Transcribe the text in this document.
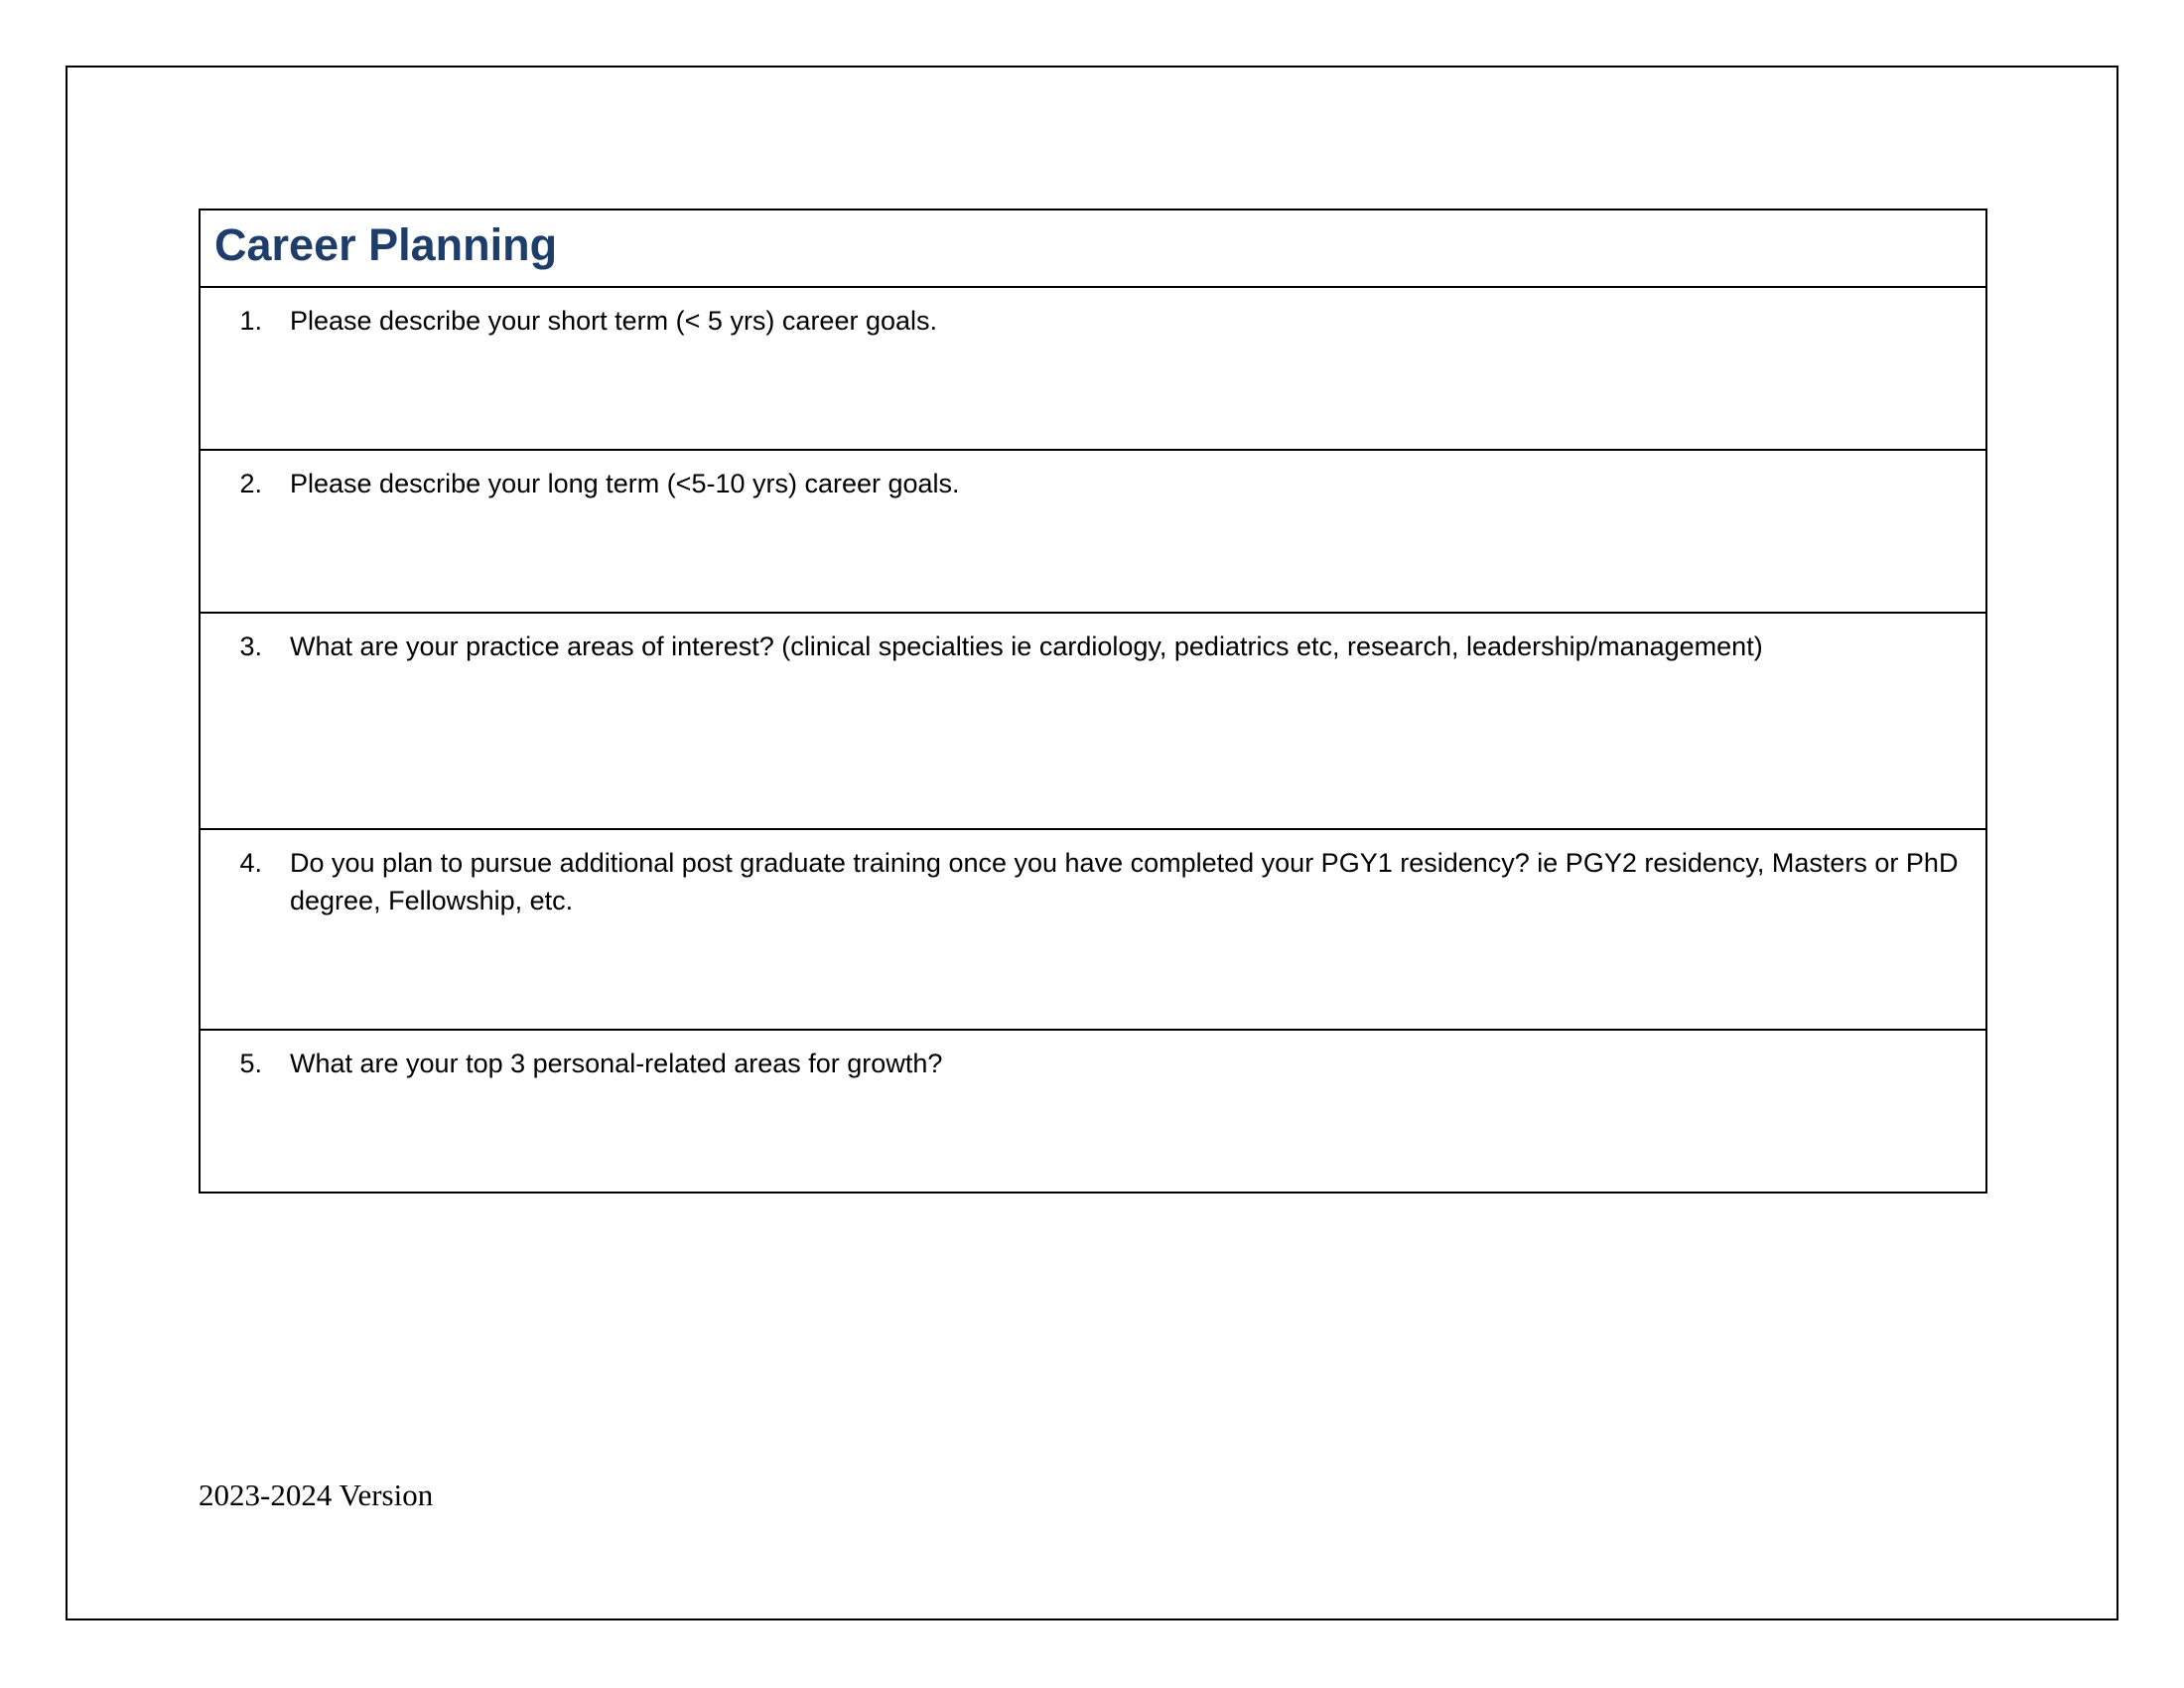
Career Planning

1.	Please describe your short term (< 5 yrs) career goals.

2.	Please describe your long term (<5-10 yrs) career goals.

3.	What are your practice areas of interest? (clinical specialties ie cardiology, pediatrics etc, research, leadership/management)

4.	Do you plan to pursue additional post graduate training once you have completed your PGY1 residency? ie PGY2 residency, Masters or PhD degree, Fellowship, etc.

5.	What are your top 3 personal-related areas for growth?
2023-2024 Version
